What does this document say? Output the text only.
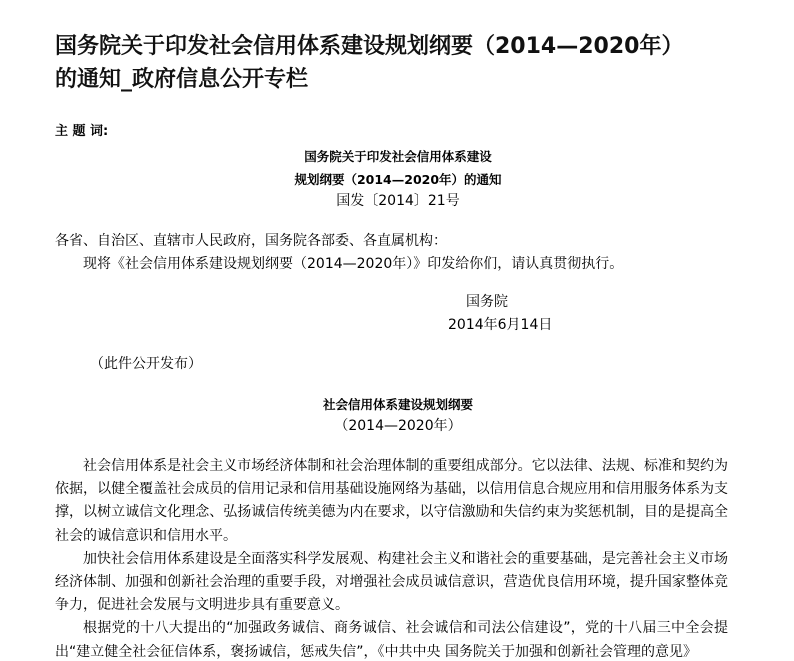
国务院关于印发社会信用体系建设规划纲要（2014—2020年）
的通知_政府信息公开专栏
主 题 词:
国务院关于印发社会信用体系建设
规划纲要（2014—2020年）的通知
国发〔2014〕21号
各省、自治区、直辖市人民政府，国务院各部委、各直属机构：
现将《社会信用体系建设规划纲要（2014—2020年）》印发给你们，请认真贯彻执行。
国务院
2014年6月14日
（此件公开发布）
社会信用体系建设规划纲要
（2014—2020年）

社会信用体系是社会主义市场经济体制和社会治理体制的重要组成部分。它以法律、法规、标准和契约为依据，以健全覆盖社会成员的信用记录和信用基础设施网络为基础，以信用信息合规应用和信用服务体系为支撑，以树立诚信文化理念、弘扬诚信传统美德为内在要求，以守信激励和失信约束为奖惩机制，目的是提高全社会的诚信意识和信用水平。

加快社会信用体系建设是全面落实科学发展观、构建社会主义和谐社会的重要基础，是完善社会主义市场经济体制、加强和创新社会治理的重要手段，对增强社会成员诚信意识，营造优良信用环境，提升国家整体竞争力，促进社会发展与文明进步具有重要意义。

根据党的十八大提出的“加强政务诚信、商务诚信、社会诚信和司法公信建设”，党的十八届三中全会提出“建立健全社会征信体系，褒扬诚信，惩戒失信”，《中共中央 国务院关于加强和创新社会管理的意见》
